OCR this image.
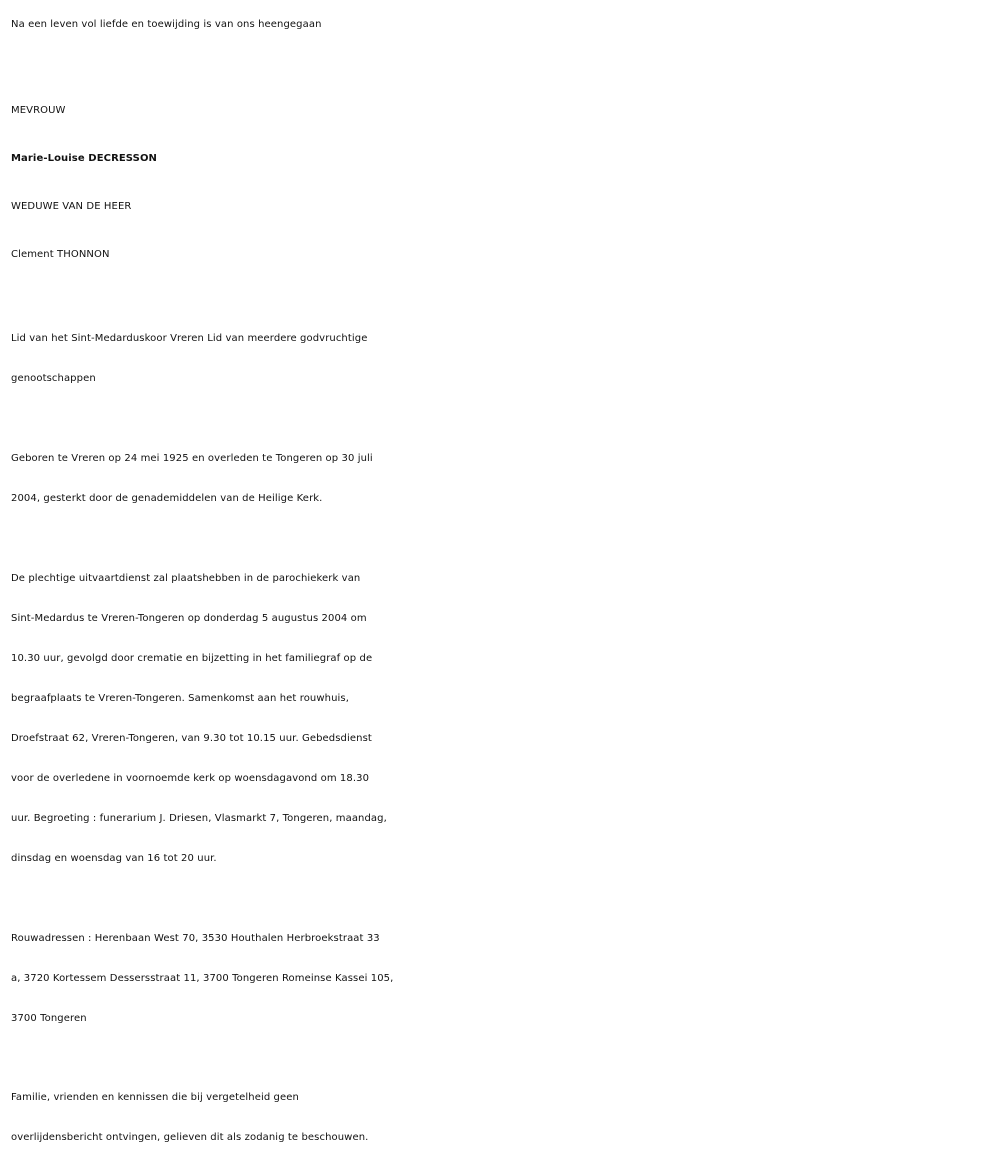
Na een leven vol liefde en toewijding is van ons heengegaan
MEVROUW
Marie-Louise DECRESSON
WEDUWE VAN DE HEER
Clement THONNON
Lid van het Sint-Medarduskoor Vreren Lid van meerdere godvruchtige
genootschappen
Geboren te Vreren op 24 mei 1925 en overleden te Tongeren op 30 juli
2004, gesterkt door de genademiddelen van de Heilige Kerk.
De plechtige uitvaartdienst zal plaatshebben in de parochiekerk van
Sint-Medardus te Vreren-Tongeren op donderdag 5 augustus 2004 om
10.30 uur, gevolgd door crematie en bijzetting in het familiegraf op de
begraafplaats te Vreren-Tongeren. Samenkomst aan het rouwhuis,
Droefstraat 62, Vreren-Tongeren, van 9.30 tot 10.15 uur. Gebedsdienst
voor de overledene in voornoemde kerk op woensdagavond om 18.30
uur. Begroeting : funerarium J. Driesen, Vlasmarkt 7, Tongeren, maandag,
dinsdag en woensdag van 16 tot 20 uur.
Rouwadressen : Herenbaan West 70, 3530 Houthalen Herbroekstraat 33
a, 3720 Kortessem Dessersstraat 11, 3700 Tongeren Romeinse Kassei 105,
3700 Tongeren
Familie, vrienden en kennissen die bij vergetelheid geen
overlijdensbericht ontvingen, gelieven dit als zodanig te beschouwen.
